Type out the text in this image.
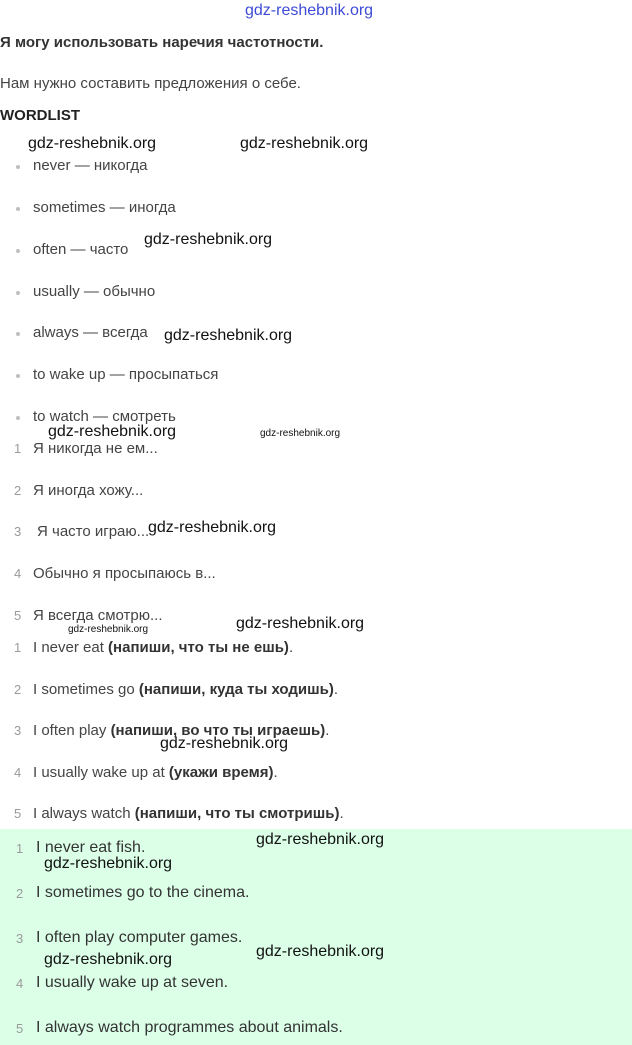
gdz-reshebnik.org
Я могу использовать наречия частотности.
Нам нужно составить предложения о себе.
WORDLIST
never — никогда
sometimes — иногда
often — часто
usually — обычно
always — всегда
to wake up — просыпаться
to watch — смотреть
1 Я никогда не ем...
2 Я иногда хожу...
3 Я часто играю...
4 Обычно я просыпаюсь в...
5 Я всегда смотрю...
1 I never eat (напиши, что ты не ешь).
2 I sometimes go (напиши, куда ты ходишь).
3 I often play (напиши, во что ты играешь).
4 I usually wake up at (укажи время).
5 I always watch (напиши, что ты смотришь).
1 I never eat fish.
2 I sometimes go to the cinema.
3 I often play computer games.
4 I usually wake up at seven.
5 I always watch programmes about animals.
gdz-reshebnik.org	gdz-reshebnik.org
gdz-reshebnik.org
gdz-reshebnik.org
gdz-reshebnik.org	gdz-reshebnik.org
gdz-reshebnik.org
gdz-reshebnik.org	gdz-reshebnik.org
gdz-reshebnik.org
gdz-reshebnik.org
gdz-reshebnik.org
gdz-reshebnik.org
gdz-reshebnik.org
